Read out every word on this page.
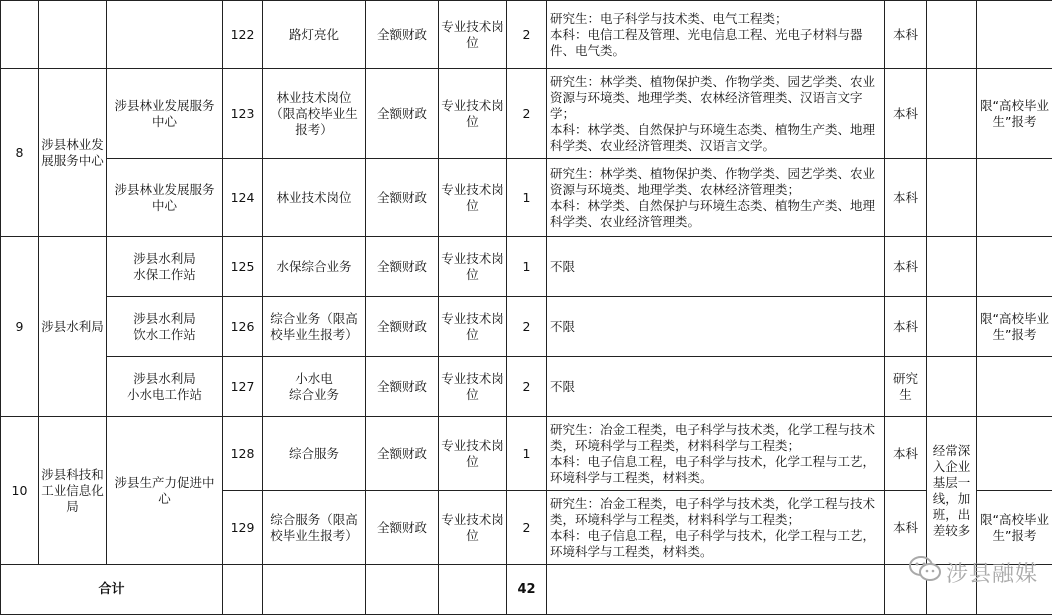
			122	路灯亮化	全额财政	专业技术岗位	2	研究生：电子科学与技术类、电气工程类；
本科：电信工程及管理、光电信息工程、光电子材料与器件、电气类。	本科		
8	涉县林业发展服务中心	涉县林业发展服务中心	123	林业技术岗位（限高校毕业生报考）	全额财政	专业技术岗位	2	研究生：林学类、植物保护类、作物学类、园艺学类、农业资源与环境类、地理学类、农林经济管理类、汉语言文字学；
本科：林学类、自然保护与环境生态类、植物生产类、地理科学类、农业经济管理类、汉语言文学。	本科		限“高校毕业生”报考
		涉县林业发展服务中心	124	林业技术岗位	全额财政	专业技术岗位	1	研究生：林学类、植物保护类、作物学类、园艺学类、农业资源与环境类、地理学类、农林经济管理类；
本科：林学类、自然保护与环境生态类、植物生产类、地理科学类、农业经济管理类。	本科		
9	涉县水利局	涉县水利局
水保工作站	125	水保综合业务	全额财政	专业技术岗位	1	不限	本科		
		涉县水利局
饮水工作站	126	综合业务（限高校毕业生报考）	全额财政	专业技术岗位	2	不限	本科		限“高校毕业生”报考
		涉县水利局
小水电工作站	127	小水电
综合业务	全额财政	专业技术岗位	2	不限	研究生		
10	涉县科技和工业信息化局	涉县生产力促进中心	128	综合服务	全额财政	专业技术岗位	1	研究生：冶金工程类，电子科学与技术类，化学工程与技术类，环境科学与工程类，材料科学与工程类；
本科：电子信息工程，电子科学与技术，化学工程与工艺，环境科学与工程类，材料类。	本科	经常深入企业基层一线，加班，出差较多	
			129	综合服务（限高校毕业生报考）	全额财政	专业技术岗位	2	研究生：冶金工程类，电子科学与技术类，化学工程与技术类，环境科学与工程类，材料科学与工程类；
本科：电子信息工程，电子科学与技术，化学工程与工艺，环境科学与工程类，材料类。	本科		限“高校毕业生”报考
合计							42				
涉县融媒
